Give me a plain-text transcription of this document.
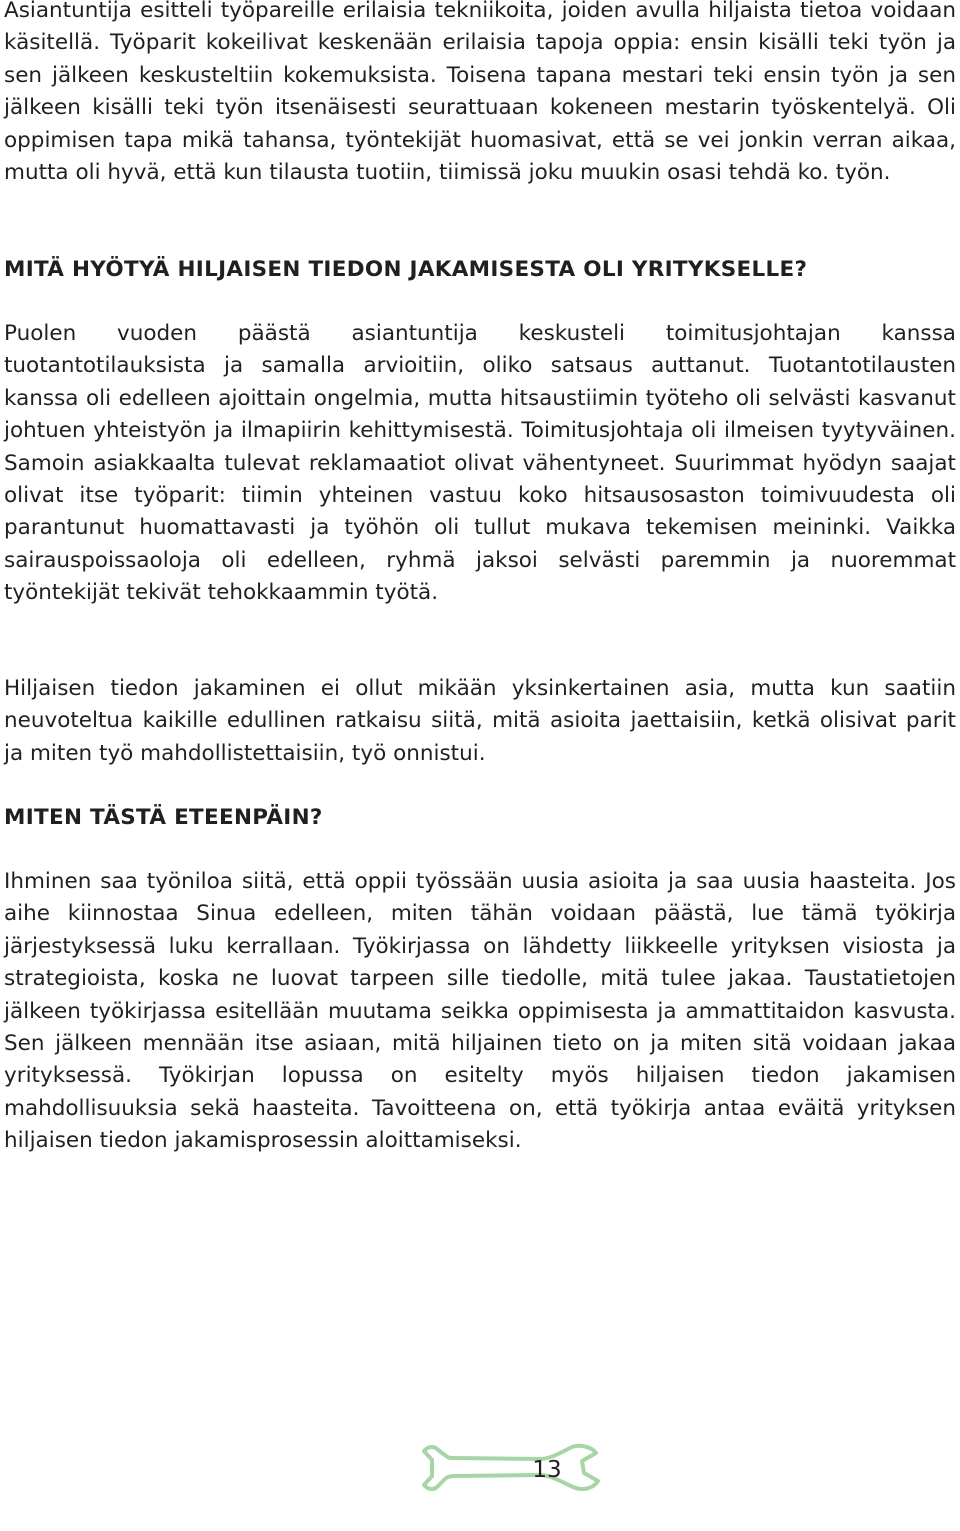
Asiantuntija esitteli työpareille erilaisia tekniikoita, joiden avulla hiljaista tietoa voidaan käsitellä. Työparit kokeilivat keskenään erilaisia tapoja oppia: ensin kisälli teki työn ja sen jälkeen keskusteltiin kokemuksista. Toisena tapana mestari teki ensin työn ja sen jälkeen kisälli teki työn itsenäisesti seurattuaan kokeneen mestarin työskentelyä. Oli oppimisen tapa mikä tahansa, työntekijät huomasivat, että se vei jonkin verran aikaa, mutta oli hyvä, että kun tilausta tuotiin, tiimissä joku muukin osasi tehdä ko. työn.

MITÄ HYÖTYÄ HILJAISEN TIEDON JAKAMISESTA OLI YRITYKSELLE?

Puolen vuoden päästä asiantuntija keskusteli toimitusjohtajan kanssa tuotantotilauksista ja samalla arvioitiin, oliko satsaus auttanut. Tuotantotilausten kanssa oli edelleen ajoittain ongelmia, mutta hitsaustiimin työteho oli selvästi kasvanut johtuen yhteistyön ja ilmapiirin kehittymisestä. Toimitusjohtaja oli ilmeisen tyytyväinen. Samoin asiakkaalta tulevat reklamaatiot olivat vähentyneet. Suurimmat hyödyn saajat olivat itse työparit: tiimin yhteinen vastuu koko hitsausosaston toimivuudesta oli parantunut huomattavasti ja työhön oli tullut mukava tekemisen meininki. Vaikka sairauspoissaoloja oli edelleen, ryhmä jaksoi selvästi paremmin ja nuoremmat työntekijät tekivät tehokkaammin työtä.

Hiljaisen tiedon jakaminen ei ollut mikään yksinkertainen asia, mutta kun saatiin neuvoteltua kaikille edullinen ratkaisu siitä, mitä asioita jaettaisiin, ketkä olisivat parit ja miten työ mahdollistettaisiin, työ onnistui.

MITEN TÄSTÄ ETEENPÄIN?

Ihminen saa työniloa siitä, että oppii työssään uusia asioita ja saa uusia haasteita. Jos aihe kiinnostaa Sinua edelleen, miten tähän voidaan päästä, lue tämä työkirja järjestyksessä luku kerrallaan. Työkirjassa on lähdetty liikkeelle yrityksen visiosta ja strategioista, koska ne luovat tarpeen sille tiedolle, mitä tulee jakaa. Taustatietojen jälkeen työkirjassa esitellään muutama seikka oppimisesta ja ammattitaidon kasvusta. Sen jälkeen mennään itse asiaan, mitä hiljainen tieto on ja miten sitä voidaan jakaa yrityksessä. Työkirjan lopussa on esitelty myös hiljaisen tiedon jakamisen mahdollisuuksia sekä haasteita. Tavoitteena on, että työkirja antaa eväitä yrityksen hiljaisen tiedon jakamisprosessin aloittamiseksi.

13
